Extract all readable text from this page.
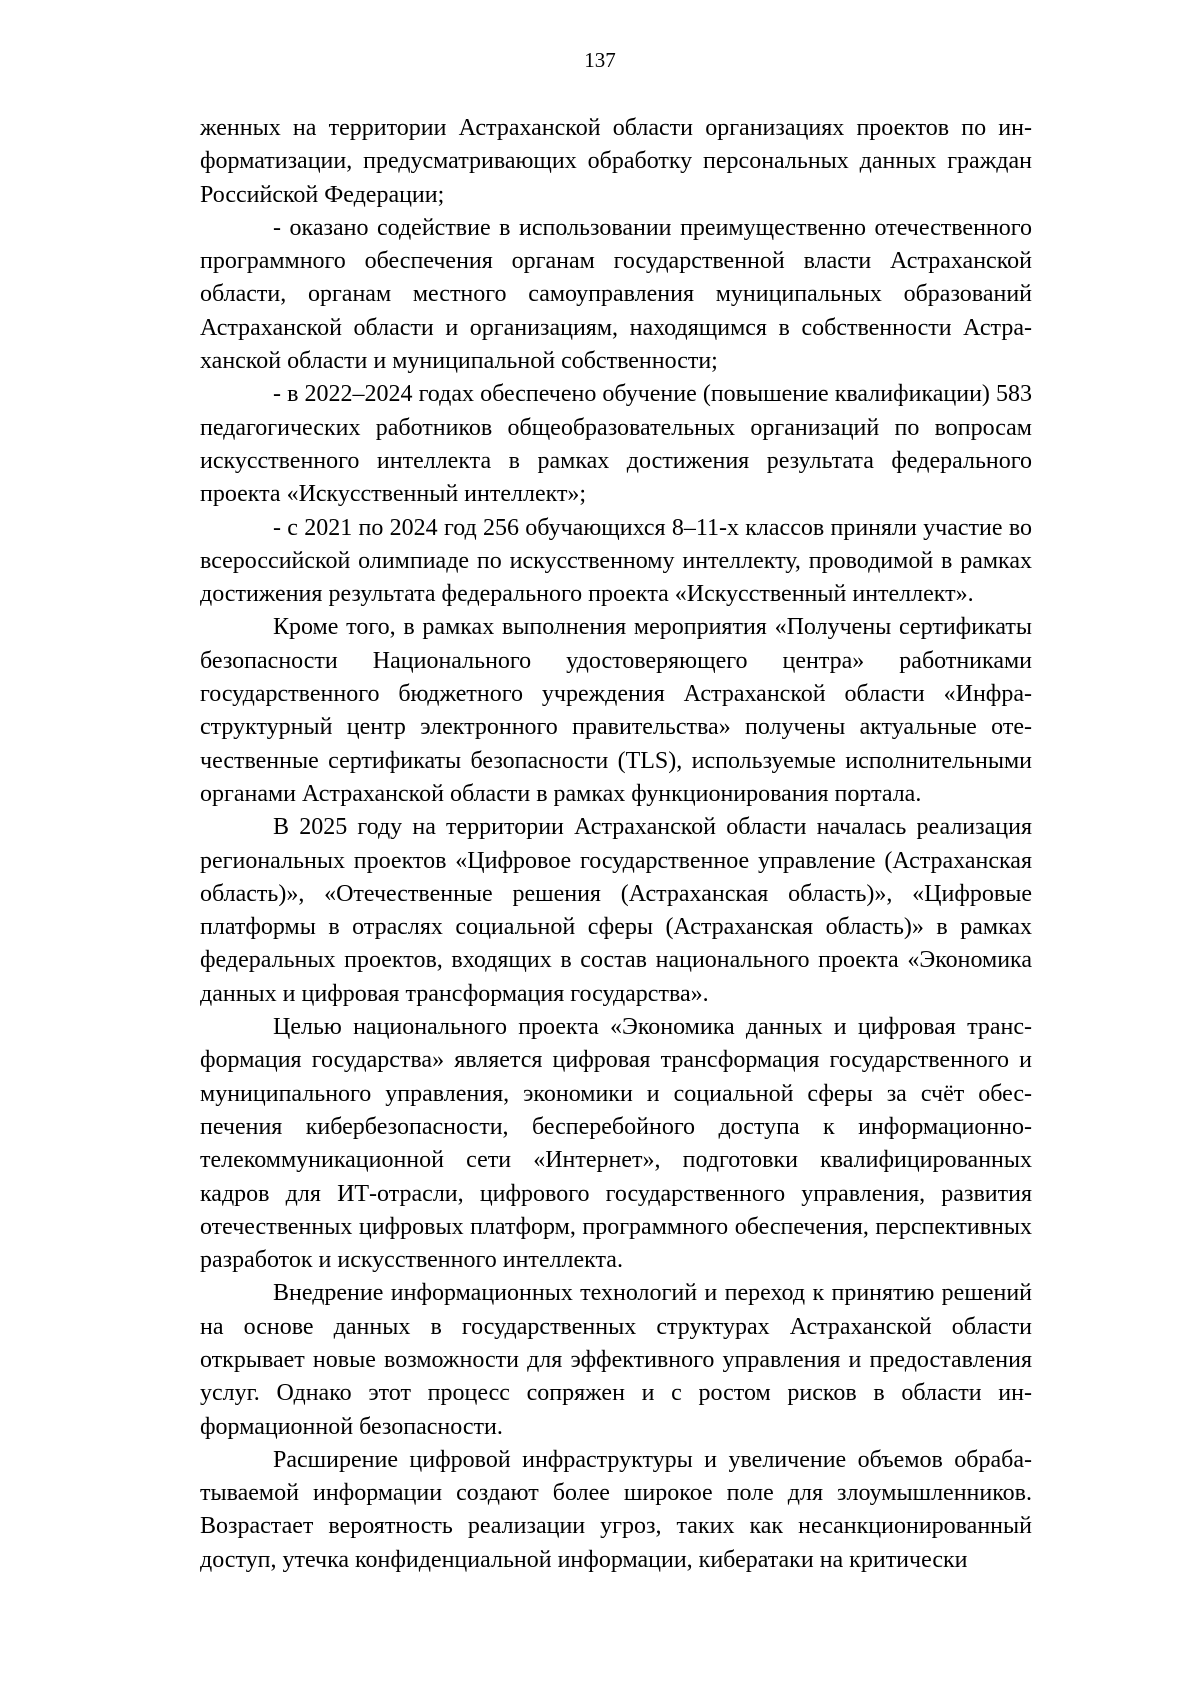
137

женных на территории Астраханской области организациях проектов по информатизации, предусматривающих обработку персональных данных граждан Российской Федерации;

- оказано содействие в использовании преимущественно отечественного программного обеспечения органам государственной власти Астраханской области, органам местного самоуправления муниципальных образований Астраханской области и организациям, находящимся в собственности Астраханской области и муниципальной собственности;

- в 2022–2024 годах обеспечено обучение (повышение квалификации) 583 педагогических работников общеобразовательных организаций по вопросам искусственного интеллекта в рамках достижения результата федерального проекта «Искусственный интеллект»;

- с 2021 по 2024 год 256 обучающихся 8–11-х классов приняли участие во всероссийской олимпиаде по искусственному интеллекту, проводимой в рамках достижения результата федерального проекта «Искусственный интеллект».

Кроме того, в рамках выполнения мероприятия «Получены сертификаты безопасности Национального удостоверяющего центра» работниками государственного бюджетного учреждения Астраханской области «Инфраструктурный центр электронного правительства» получены актуальные отечественные сертификаты безопасности (TLS), используемые исполнительными органами Астраханской области в рамках функционирования портала.

В 2025 году на территории Астраханской области началась реализация региональных проектов «Цифровое государственное управление (Астраханская область)», «Отечественные решения (Астраханская область)», «Цифровые платформы в отраслях социальной сферы (Астраханская область)» в рамках федеральных проектов, входящих в состав национального проекта «Экономика данных и цифровая трансформация государства».

Целью национального проекта «Экономика данных и цифровая трансформация государства» является цифровая трансформация государственного и муниципального управления, экономики и социальной сферы за счёт обеспечения кибербезопасности, бесперебойного доступа к информационно-телекоммуникационной сети «Интернет», подготовки квалифицированных кадров для ИТ-отрасли, цифрового государственного управления, развития отечественных цифровых платформ, программного обеспечения, перспективных разработок и искусственного интеллекта.

Внедрение информационных технологий и переход к принятию решений на основе данных в государственных структурах Астраханской области открывает новые возможности для эффективного управления и предоставления услуг. Однако этот процесс сопряжен и с ростом рисков в области информационной безопасности.

Расширение цифровой инфраструктуры и увеличение объемов обрабатываемой информации создают более широкое поле для злоумышленников. Возрастает вероятность реализации угроз, таких как несанкционированный доступ, утечка конфиденциальной информации, кибератаки на критически
